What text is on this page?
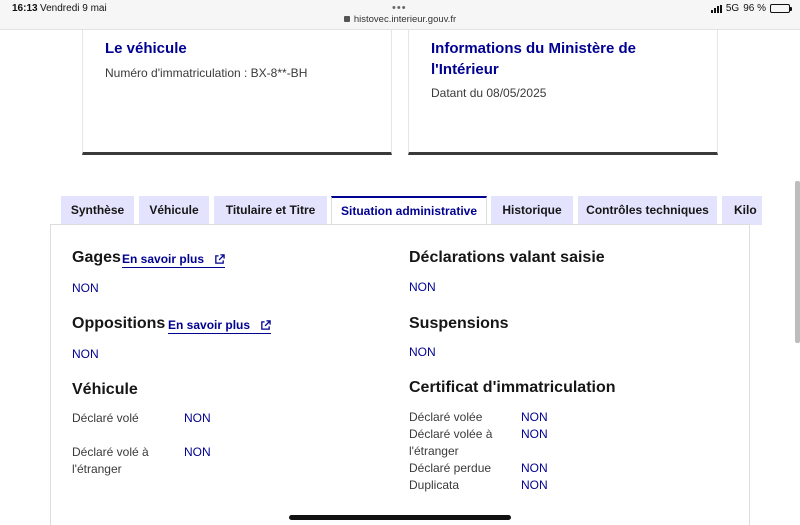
16:13 Vendredi 9 mai	•••
histovec.interieur.gouv.fr
5G 96 %
Le véhicule
Numéro d'immatriculation : BX-8**-BH
Informations du Ministère de l'Intérieur
Datant du 08/05/2025
Synthèse	Véhicule	Titulaire et Titre	Situation administrative	Historique	Contrôles techniques	Kilo
Gages En savoir plus
NON
Oppositions En savoir plus
NON
Véhicule
Déclaré volé	NON
Déclaré volé à l'étranger
NON
Déclarations valant saisie
NON
Suspensions
NON
Certificat d'immatriculation
Déclaré volée	NON
Déclaré volée à l'étranger
NON
Déclaré perdue NON
Duplicata	NON
